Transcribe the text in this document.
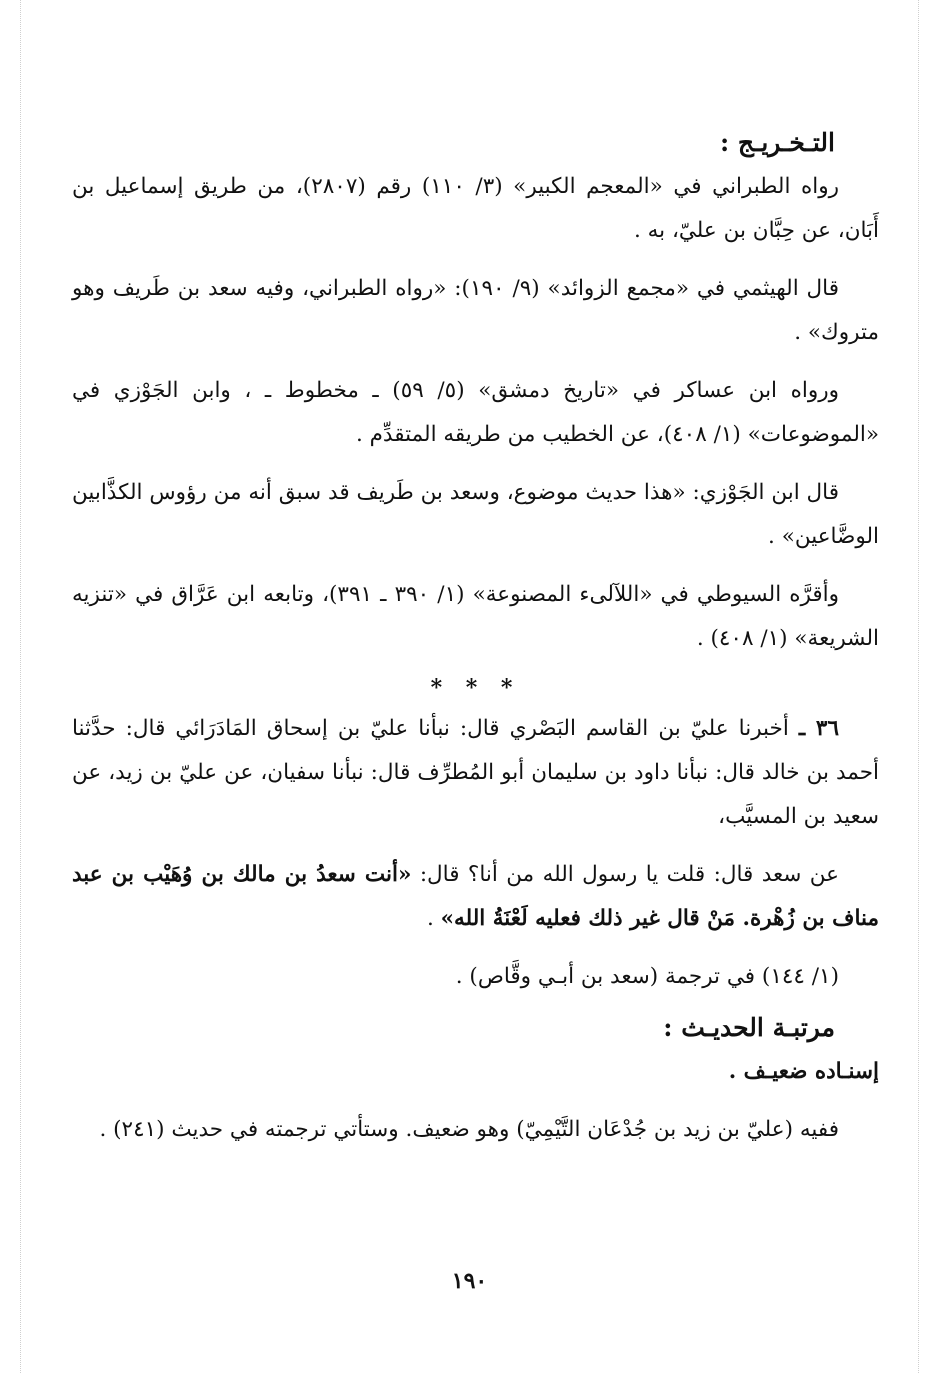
التـخـريـج :

رواه الطبراني في «المعجم الكبير» (٣/ ١١٠) رقم (٢٨٠٧)، من طريق إسماعيل بن أَبَان، عن حِبَّان بن عليّ، به .

قال الهيثمي في «مجمع الزوائد» (٩/ ١٩٠): «رواه الطبراني، وفيه سعد بن طَريف وهو متروك» .

ورواه ابن عساكر في «تاريخ دمشق» (٥/ ٥٩) ـ مخطوط ـ ، وابن الجَوْزي في «الموضوعات» (١/ ٤٠٨)، عن الخطيب من طريقه المتقدِّم .

قال ابن الجَوْزي: «هذا حديث موضوع، وسعد بن طَريف قد سبق أنه من رؤوس الكذَّابين الوضَّاعين» .

وأقرَّه السيوطي في «اللآلىء المصنوعة» (١/ ٣٩٠ ـ ٣٩١)، وتابعه ابن عَرَّاق في «تنزيه الشريعة» (١/ ٤٠٨) .

* * *

٣٦ ـ أخبرنا عليّ بن القاسم البَصْري قال: نبأنا عليّ بن إسحاق المَادَرَائي قال: حدَّثنا أحمد بن خالد قال: نبأنا داود بن سليمان أبو المُطرِّف قال: نبأنا سفيان، عن عليّ بن زيد، عن سعيد بن المسيَّب،

عن سعد قال: قلت يا رسول الله من أنا؟ قال: «أنت سعدُ بن مالك بن وُهَيْب بن عبد مناف بن زُهْرة. مَنْ قال غير ذلك فعليه لَعْنَةُ الله» .

(١/ ١٤٤) في ترجمة (سعد بن أبـي وقَّاص) .

مرتبـة الحديـث :

إسنـاده ضعيـف .

ففيه (عليّ بن زيد بن جُدْعَان التَّيْمِيّ) وهو ضعيف. وستأتي ترجمته في حديث (٢٤١) .

١٩٠
